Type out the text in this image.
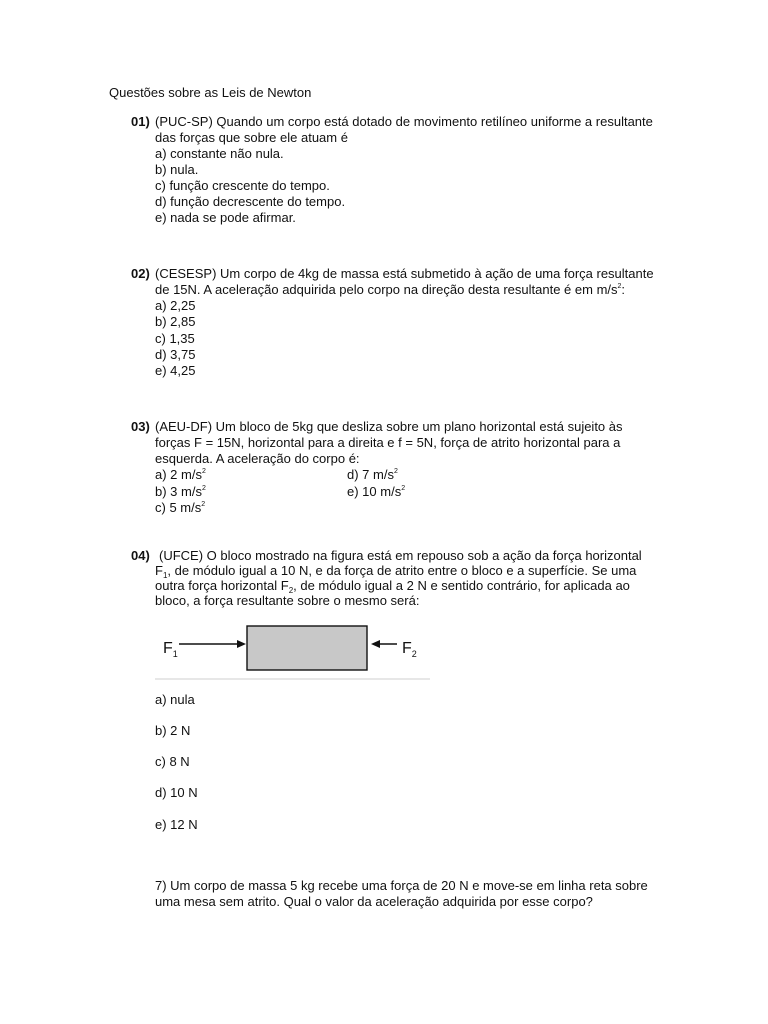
Questões sobre as Leis de Newton
01) (PUC-SP) Quando um corpo está dotado de movimento retilíneo uniforme a resultante
das forças que sobre ele atuam é
a) constante não nula.
b) nula.
c) função crescente do tempo.
d) função decrescente do tempo.
e) nada se pode afirmar.
02) (CESESP) Um corpo de 4kg de massa está submetido à ação de uma força resultante
de 15N. A aceleração adquirida pelo corpo na direção desta resultante é em $m/s^2$:
a) 2,25
b) 2,85
c) 1,35
d) 3,75
e) 4,25
03) (AEU-DF) Um bloco de 5kg que desliza sobre um plano horizontal está sujeito às
forças F = 15N, horizontal para a direita e f = 5N, força de atrito horizontal para a
esquerda. A aceleração do corpo é:
a) 2 $m/s^2$
b) 3 $m/s^2$
c) 5 $m/s^2$
d) 7 $m/s^2$
e) 10 $m/s^2$
04) (UFCE) O bloco mostrado na figura está em repouso sob a ação da força horizontal
$F_1$, de módulo igual a 10 N, e da força de atrito entre o bloco e a superfície. Se uma
outra força horizontal $F_2$, de módulo igual a 2 N e sentido contrário, for aplicada ao
bloco, a força resultante sobre o mesmo será:
$F_1$	$F_2$
a) nula
b) 2 N
c) 8 N
d) 10 N
e) 12 N
7) Um corpo de massa 5 kg recebe uma força de 20 N e move-se em linha reta sobre
uma mesa sem atrito. Qual o valor da aceleração adquirida por esse corpo?
